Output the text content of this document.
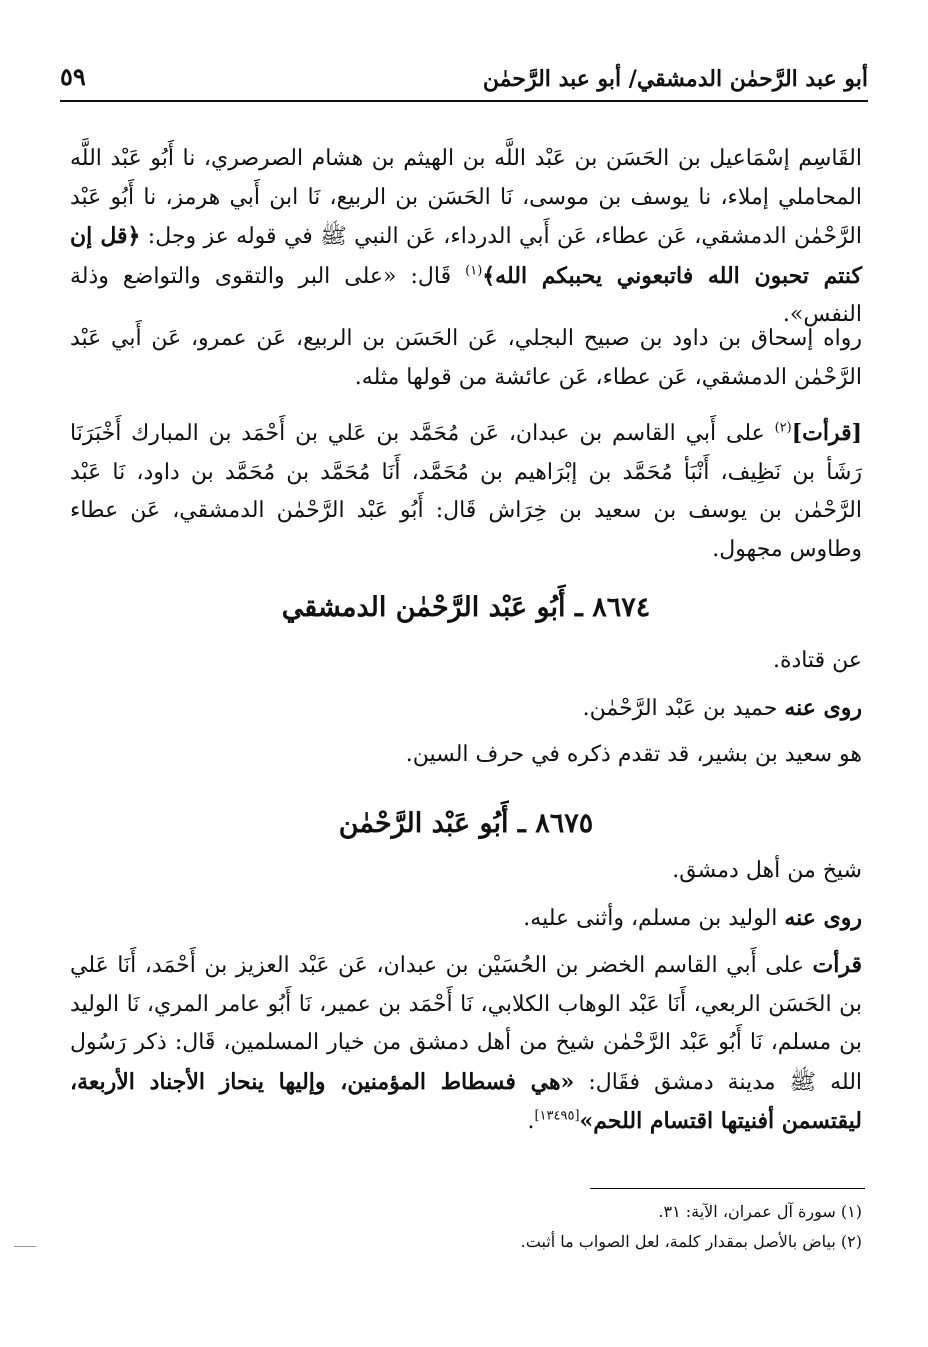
أبو عبد الرَّحمٰن الدمشقي/ أبو عبد الرَّحمٰن
٥٩

القَاسِم إسْمَاعيل بن الحَسَن بن عَبْد اللَّه بن الهيثم بن هشام الصرصري، نا أَبُو عَبْد اللَّه المحاملي إملاء، نا يوسف بن موسى، نَا الحَسَن بن الربيع، نَا ابن أَبي هرمز، نا أَبُو عَبْد الرَّحْمٰن الدمشقي، عَن عطاء، عَن أَبي الدرداء، عَن النبي ﷺ في قوله عز وجل: ﴿قل إن كنتم تحبون الله فاتبعوني يحببكم الله﴾$^{(١)}$ قَال: «على البر والتقوى والتواضع وذلة النفس».

رواه إسحاق بن داود بن صبيح البجلي، عَن الحَسَن بن الربيع، عَن عمرو، عَن أَبي عَبْد الرَّحْمٰن الدمشقي، عَن عطاء، عَن عائشة من قولها مثله.

[قرأت]$^{(٢)}$ على أَبي القاسم بن عبدان، عَن مُحَمَّد بن عَلي بن أَحْمَد بن المبارك أَخْبَرَنَا رَشَأ بن نَظِيف، أَنْبَأ مُحَمَّد بن إبْرَاهيم بن مُحَمَّد، أَنَا مُحَمَّد بن مُحَمَّد بن داود، نَا عَبْد الرَّحْمٰن بن يوسف بن سعيد بن خِرَاش قَال: أَبُو عَبْد الرَّحْمٰن الدمشقي، عَن عطاء وطاوس مجهول.

٨٦٧٤ ـ أَبُو عَبْد الرَّحْمٰن الدمشقي

عن قتادة.

روى عنه حميد بن عَبْد الرَّحْمٰن.

هو سعيد بن بشير، قد تقدم ذكره في حرف السين.

٨٦٧٥ ـ أَبُو عَبْد الرَّحْمٰن

شيخ من أهل دمشق.

روى عنه الوليد بن مسلم، وأثنى عليه.

قرأت على أَبي القاسم الخضر بن الحُسَيْن بن عبدان، عَن عَبْد العزيز بن أَحْمَد، أَنَا عَلي بن الحَسَن الربعي، أَنَا عَبْد الوهاب الكلابي، نَا أَحْمَد بن عمير، نَا أَبُو عامر المري، نَا الوليد بن مسلم، نَا أَبُو عَبْد الرَّحْمٰن شيخ من أهل دمشق من خيار المسلمين، قَال: ذكر رَسُول الله ﷺ مدينة دمشق فقَال: «هي فسطاط المؤمنين، وإليها ينحاز الأجناد الأربعة، ليقتسمن أفنيتها اقتسام اللحم»[١٣٤٩٥].

(١) سورة آل عمران، الآية: ٣١.
(٢) بياض بالأصل بمقدار كلمة، لعل الصواب ما أثبت.
